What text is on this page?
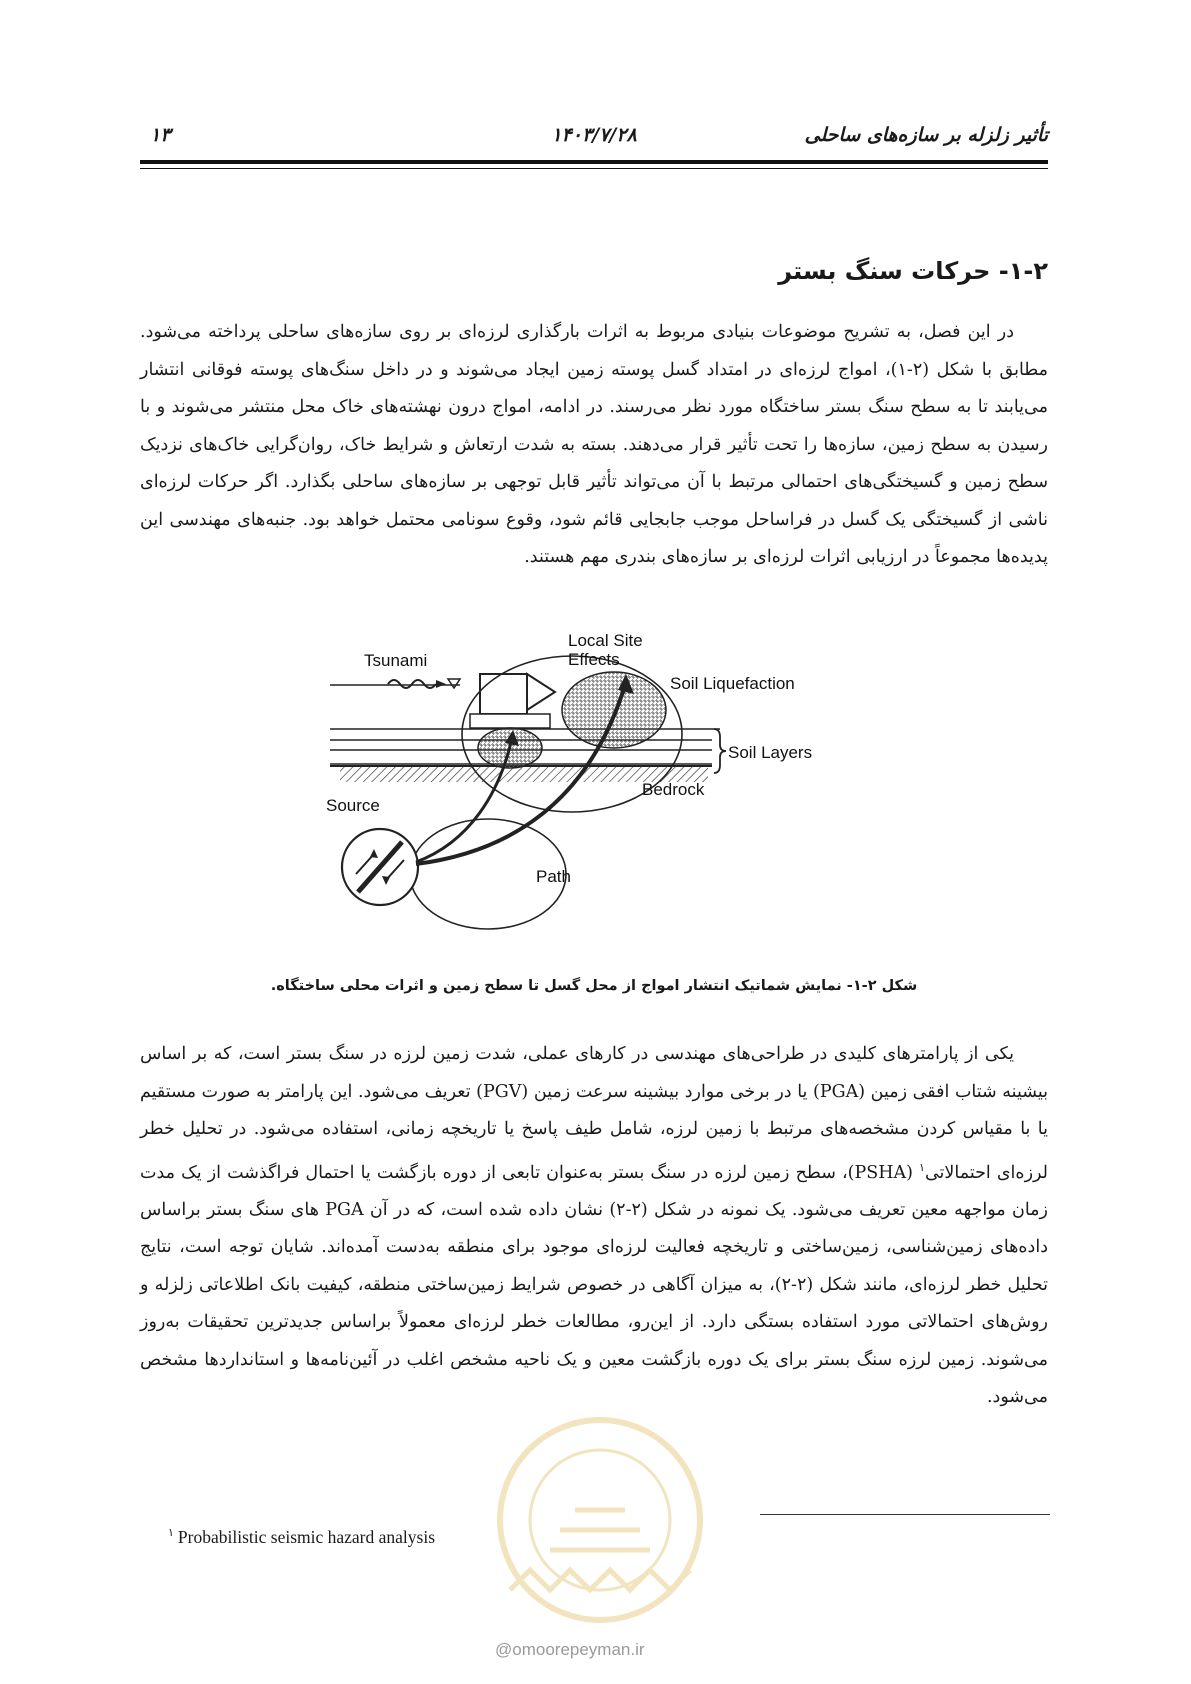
تأثیر زلزله بر سازه‌های ساحلی
۱۴۰۳/۷/۲۸
۱۳
۱-۲- حرکات سنگ بستر

در این فصل، به تشریح موضوعات بنیادی مربوط به اثرات بارگذاری لرزه‌ای بر روی سازه‌های ساحلی پرداخته می‌شود. مطابق با شکل (۲-۱)، امواج لرزه‌ای در امتداد گسل پوسته زمین ایجاد می‌شوند و در داخل سنگ‌های پوسته فوقانی انتشار می‌یابند تا به سطح سنگ بستر ساختگاه مورد نظر می‌رسند. در ادامه، امواج درون نهشته‌های خاک محل منتشر می‌شوند و با رسیدن به سطح زمین، سازه‌ها را تحت تأثیر قرار می‌دهند. بسته به شدت ارتعاش و شرایط خاک، روان‌گرایی خاک‌های نزدیک سطح زمین و گسیختگی‌های احتمالی مرتبط با آن می‌تواند تأثیر قابل توجهی بر سازه‌های ساحلی بگذارد. اگر حرکات لرزه‌ای ناشی از گسیختگی یک گسل در فراساحل موجب جابجایی قائم شود، وقوع سونامی محتمل خواهد بود. جنبه‌های مهندسی این پدیده‌ها مجموعاً در ارزیابی اثرات لرزه‌ای بر سازه‌های بندری مهم هستند.

Local Site
Effects
Tsunami
Soil Liquefaction
Soil Layers
Bedrock
Source
Path
شکل ۲-۱- نمایش شماتیک انتشار امواج از محل گسل تا سطح زمین و اثرات محلی ساختگاه.

یکی از پارامترهای کلیدی در طراحی‌های مهندسی در کارهای عملی، شدت زمین لرزه در سنگ بستر است، که بر اساس بیشینه شتاب افقی زمین (PGA) یا در برخی موارد بیشینه سرعت زمین (PGV) تعریف می‌شود. این پارامتر به صورت مستقیم یا با مقیاس کردن مشخصه‌های مرتبط با زمین لرزه، شامل طیف پاسخ یا تاریخچه زمانی، استفاده می‌شود. در تحلیل خطر لرزه‌ای احتمالاتی$^۱$ (PSHA)، سطح زمین لرزه در سنگ بستر به‌عنوان تابعی از دوره بازگشت یا احتمال فراگذشت از یک مدت زمان مواجهه معین تعریف می‌شود. یک نمونه در شکل (۲-۲) نشان داده شده است، که در آن PGA های سنگ بستر براساس داده‌های زمین‌شناسی، زمین‌ساختی و تاریخچه فعالیت لرزه‌ای موجود برای منطقه به‌دست آمده‌اند. شایان توجه است، نتایج تحلیل خطر لرزه‌ای، مانند شکل (۲-۲)، به میزان آگاهی در خصوص شرایط زمین‌ساختی منطقه، کیفیت بانک اطلاعاتی زلزله و روش‌های احتمالاتی مورد استفاده بستگی دارد. از این‌رو، مطالعات خطر لرزه‌ای معمولاً براساس جدیدترین تحقیقات به‌روز می‌شوند. زمین لرزه سنگ بستر برای یک دوره بازگشت معین و یک ناحیه مشخص اغلب در آئین‌نامه‌ها و استانداردها مشخص می‌شود.

$^۱$ Probabilistic seismic hazard analysis
@omoorepeyman.ir
